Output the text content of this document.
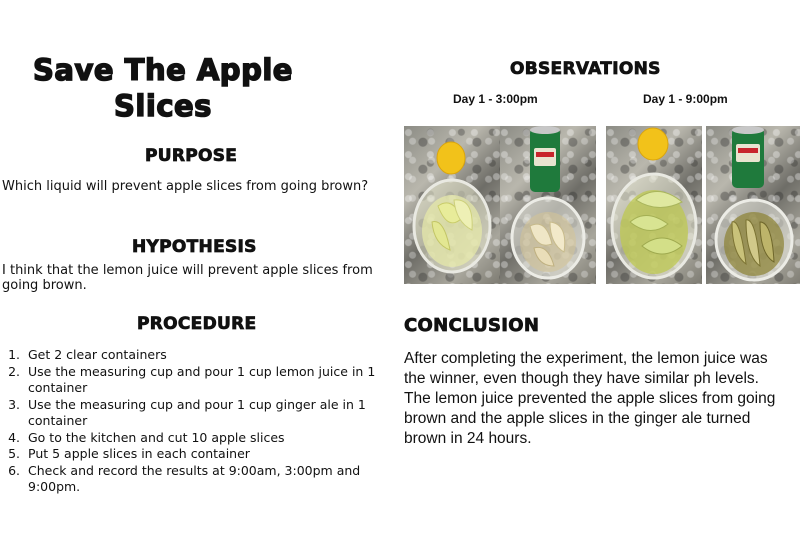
Save The Apple Slices
PURPOSE
Which liquid will prevent apple slices from going brown?
HYPOTHESIS
I think that the lemon juice will prevent apple slices from going brown.
PROCEDURE
1. Get 2 clear containers
2. Use the measuring cup and pour 1 cup lemon juice in 1 container
3. Use the measuring cup and pour 1 cup ginger ale in 1 container
4. Go to the kitchen and cut 10 apple slices
5. Put 5 apple slices in each container
6. Check and record the results at 9:00am, 3:00pm and 9:00pm.
OBSERVATIONS
Day 1 - 3:00pm	Day 1 - 9:00pm
CONCLUSION
After completing the experiment, the lemon juice was the winner, even though they have similar ph levels. The lemon juice prevented the apple slices from going brown and the apple slices in the ginger ale turned brown in 24 hours.
